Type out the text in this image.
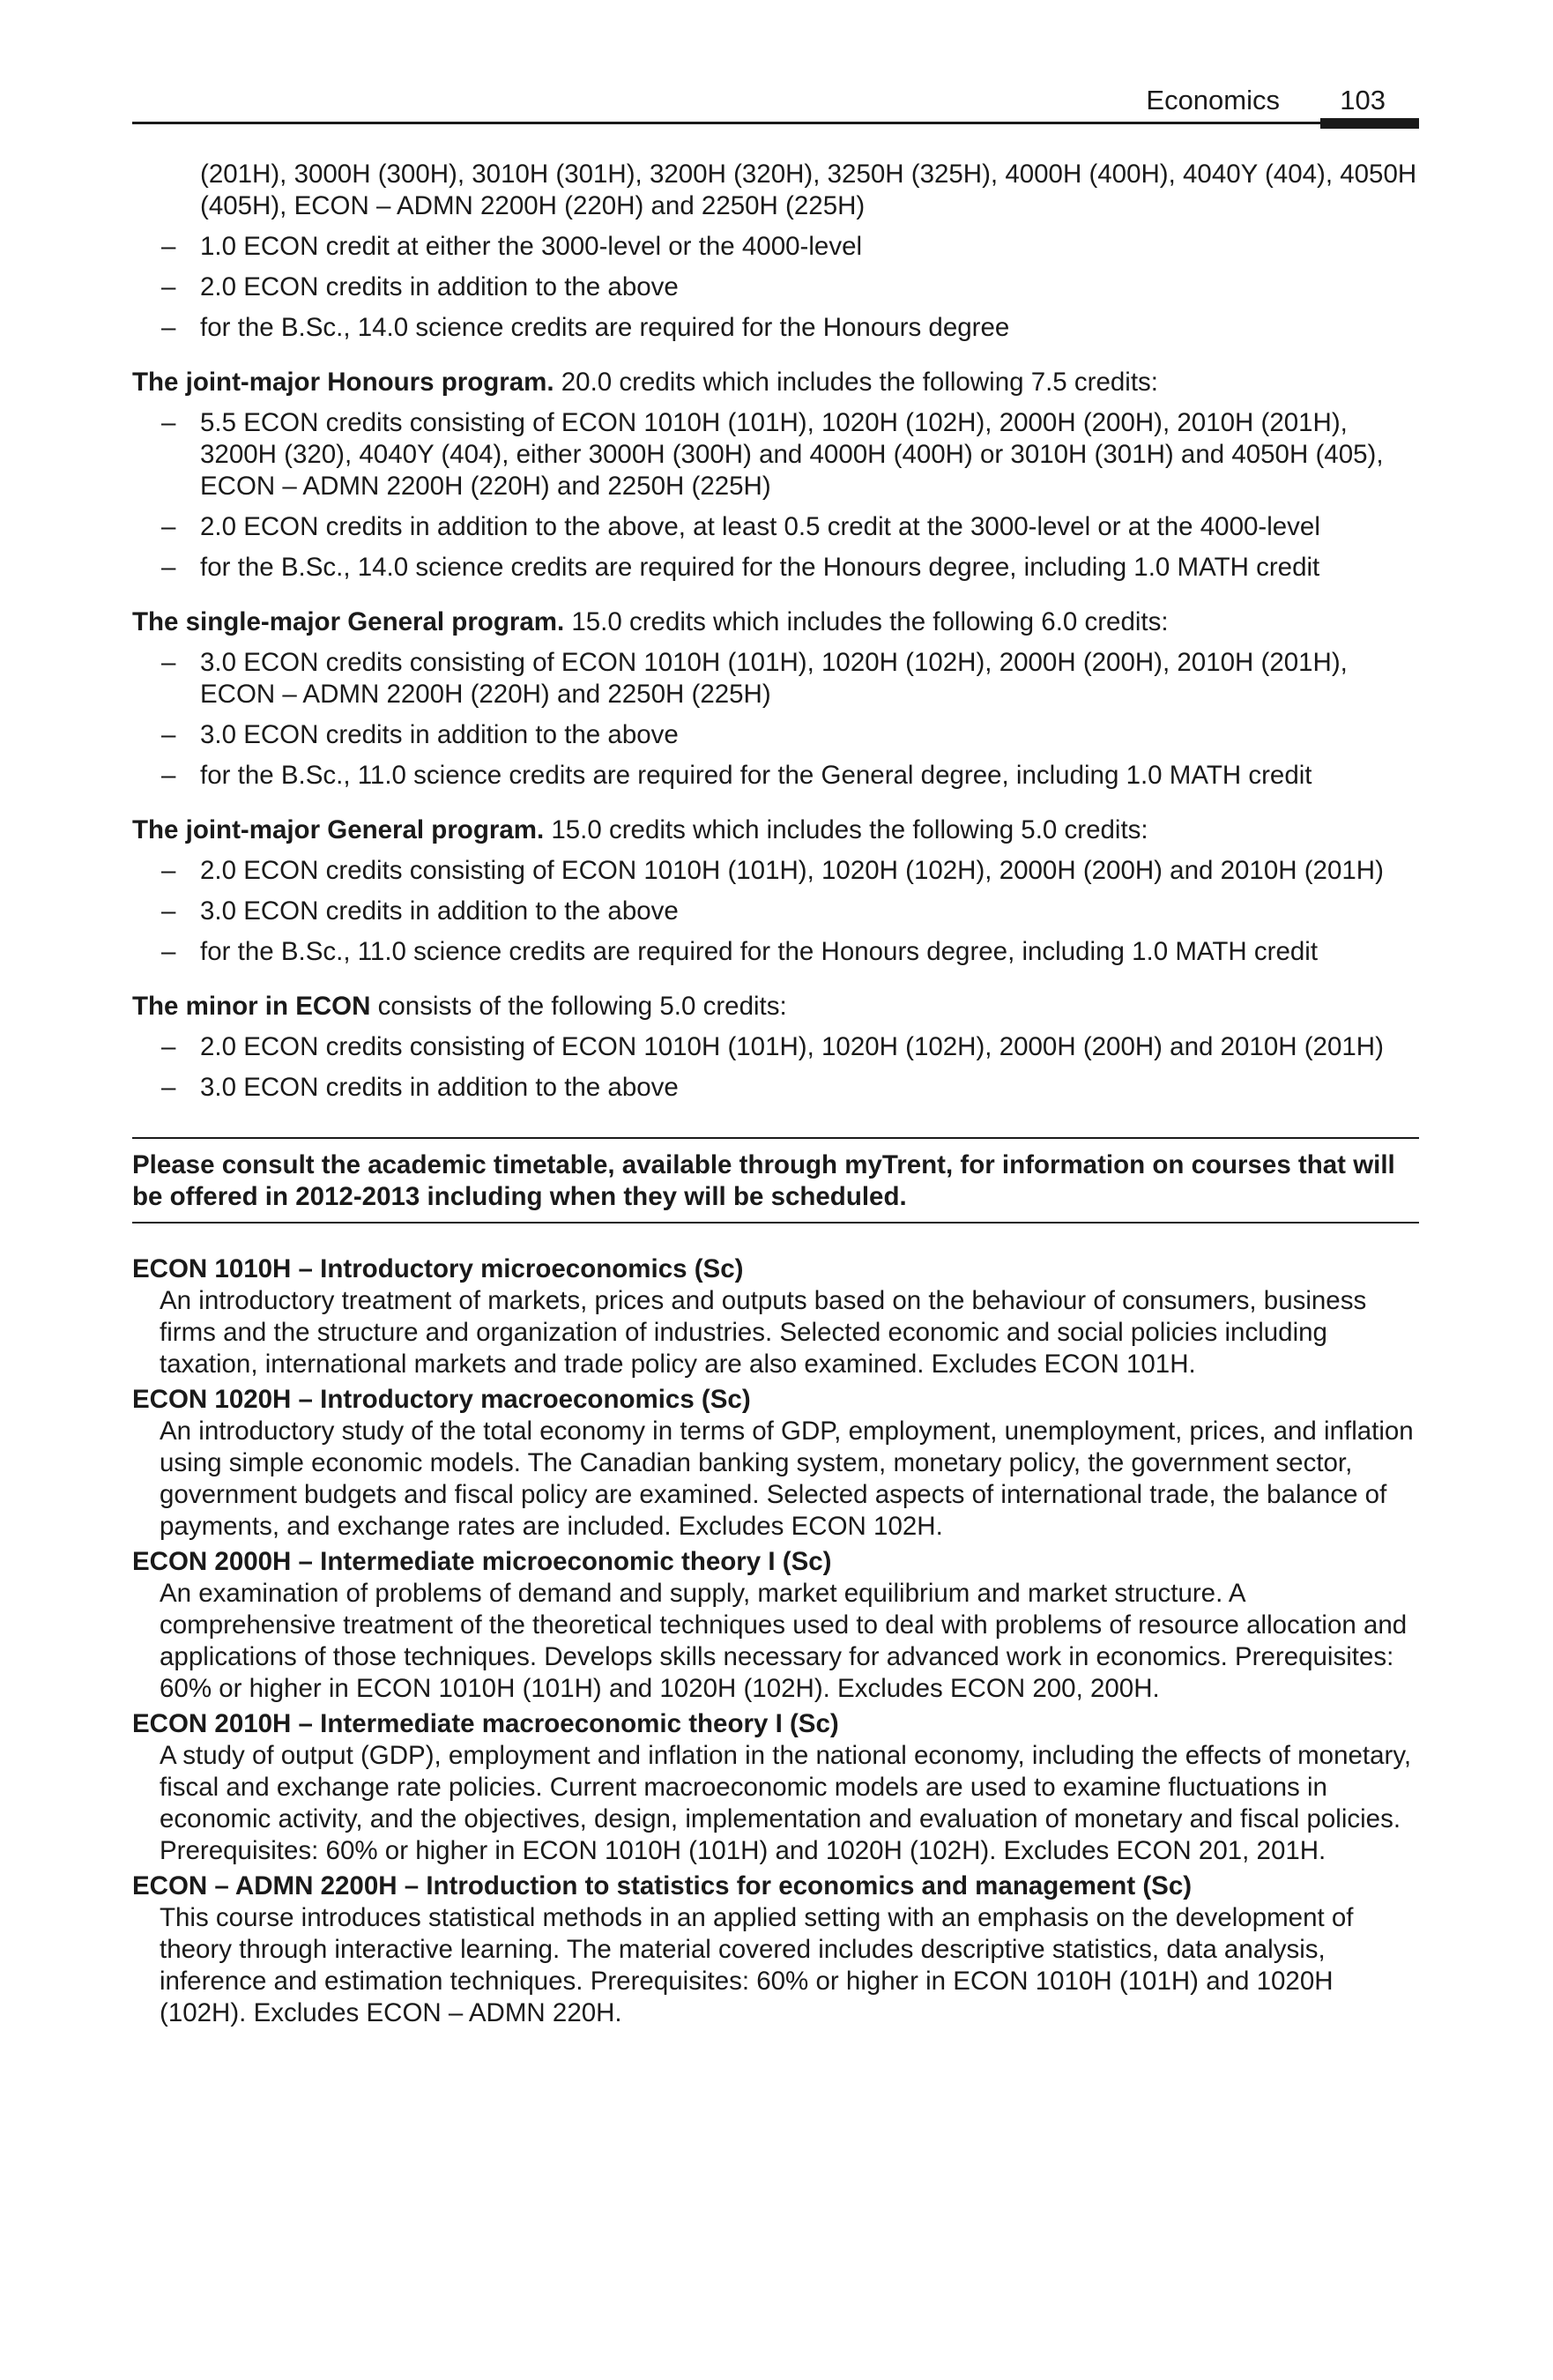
Economics 103
(201H), 3000H (300H), 3010H (301H), 3200H (320H), 3250H (325H), 4000H (400H), 4040Y (404), 4050H (405H), ECON – ADMN 2200H (220H) and 2250H (225H)
– 1.0 ECON credit at either the 3000-level or the 4000-level
– 2.0 ECON credits in addition to the above
– for the B.Sc., 14.0 science credits are required for the Honours degree
The joint-major Honours program. 20.0 credits which includes the following 7.5 credits:
– 5.5 ECON credits consisting of ECON 1010H (101H), 1020H (102H), 2000H (200H), 2010H (201H), 3200H (320), 4040Y (404), either 3000H (300H) and 4000H (400H) or 3010H (301H) and 4050H (405), ECON – ADMN 2200H (220H) and 2250H (225H)
– 2.0 ECON credits in addition to the above, at least 0.5 credit at the 3000-level or at the 4000-level
– for the B.Sc., 14.0 science credits are required for the Honours degree, including 1.0 MATH credit
The single-major General program. 15.0 credits which includes the following 6.0 credits:
– 3.0 ECON credits consisting of ECON 1010H (101H), 1020H (102H), 2000H (200H), 2010H (201H), ECON – ADMN 2200H (220H) and 2250H (225H)
– 3.0 ECON credits in addition to the above
– for the B.Sc., 11.0 science credits are required for the General degree, including 1.0 MATH credit
The joint-major General program. 15.0 credits which includes the following 5.0 credits:
– 2.0 ECON credits consisting of ECON 1010H (101H), 1020H (102H), 2000H (200H) and 2010H (201H)
– 3.0 ECON credits in addition to the above
– for the B.Sc., 11.0 science credits are required for the Honours degree, including 1.0 MATH credit
The minor in ECON consists of the following 5.0 credits:
– 2.0 ECON credits consisting of ECON 1010H (101H), 1020H (102H), 2000H (200H) and 2010H (201H)
– 3.0 ECON credits in addition to the above
Please consult the academic timetable, available through myTrent, for information on courses that will be offered in 2012-2013 including when they will be scheduled.
ECON 1010H – Introductory microeconomics (Sc)
An introductory treatment of markets, prices and outputs based on the behaviour of consumers, business firms and the structure and organization of industries. Selected economic and social policies including taxation, international markets and trade policy are also examined. Excludes ECON 101H.
ECON 1020H – Introductory macroeconomics (Sc)
An introductory study of the total economy in terms of GDP, employment, unemployment, prices, and inflation using simple economic models. The Canadian banking system, monetary policy, the government sector, government budgets and fiscal policy are examined. Selected aspects of international trade, the balance of payments, and exchange rates are included. Excludes ECON 102H.
ECON 2000H – Intermediate microeconomic theory I (Sc)
An examination of problems of demand and supply, market equilibrium and market structure. A comprehensive treatment of the theoretical techniques used to deal with problems of resource allocation and applications of those techniques. Develops skills necessary for advanced work in economics. Prerequisites: 60% or higher in ECON 1010H (101H) and 1020H (102H). Excludes ECON 200, 200H.
ECON 2010H – Intermediate macroeconomic theory I (Sc)
A study of output (GDP), employment and inflation in the national economy, including the effects of monetary, fiscal and exchange rate policies. Current macroeconomic models are used to examine fluctuations in economic activity, and the objectives, design, implementation and evaluation of monetary and fiscal policies. Prerequisites: 60% or higher in ECON 1010H (101H) and 1020H (102H). Excludes ECON 201, 201H.
ECON – ADMN 2200H – Introduction to statistics for economics and management (Sc)
This course introduces statistical methods in an applied setting with an emphasis on the development of theory through interactive learning. The material covered includes descriptive statistics, data analysis, inference and estimation techniques. Prerequisites: 60% or higher in ECON 1010H (101H) and 1020H (102H). Excludes ECON – ADMN 220H.
